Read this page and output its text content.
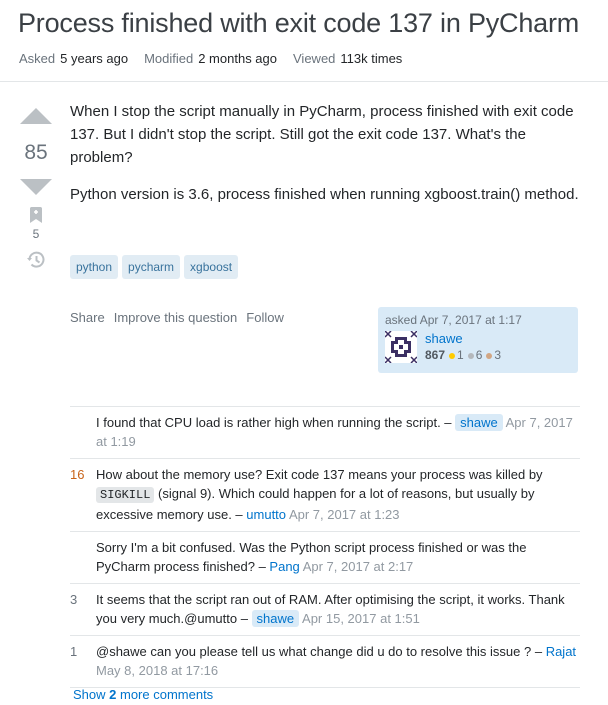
Process finished with exit code 137 in PyCharm
Asked 5 years ago Modified 2 months ago Viewed 113k times
85
5

When I stop the script manually in PyCharm, process finished with exit code 137. But I didn't stop the script. Still got the exit code 137. What's the problem?

Python version is 3.6, process finished when running xgboost.train() method.

python	pycharm	xgboost
Share Improve this question Follow	asked Apr 7, 2017 at 1:17
shawe
867	1	6	3
I found that CPU load is rather high when running the script. – shawe Apr 7, 2017 at 1:19
16 How about the memory use? Exit code 137 means your process was killed by SIGKILL (signal 9). Which could happen for a lot of reasons, but usually by excessive memory use. – umutto Apr 7, 2017 at 1:23
Sorry I'm a bit confused. Was the Python script process finished or was the PyCharm process finished? – Pang Apr 7, 2017 at 2:17
3	It seems that the script ran out of RAM. After optimising the script, it works. Thank you very much.@umutto – shawe Apr 15, 2017 at 1:51
1	@shawe can you please tell us what change did u do to resolve this issue ? – Rajat May 8, 2018 at 17:16
Show 2 more comments
